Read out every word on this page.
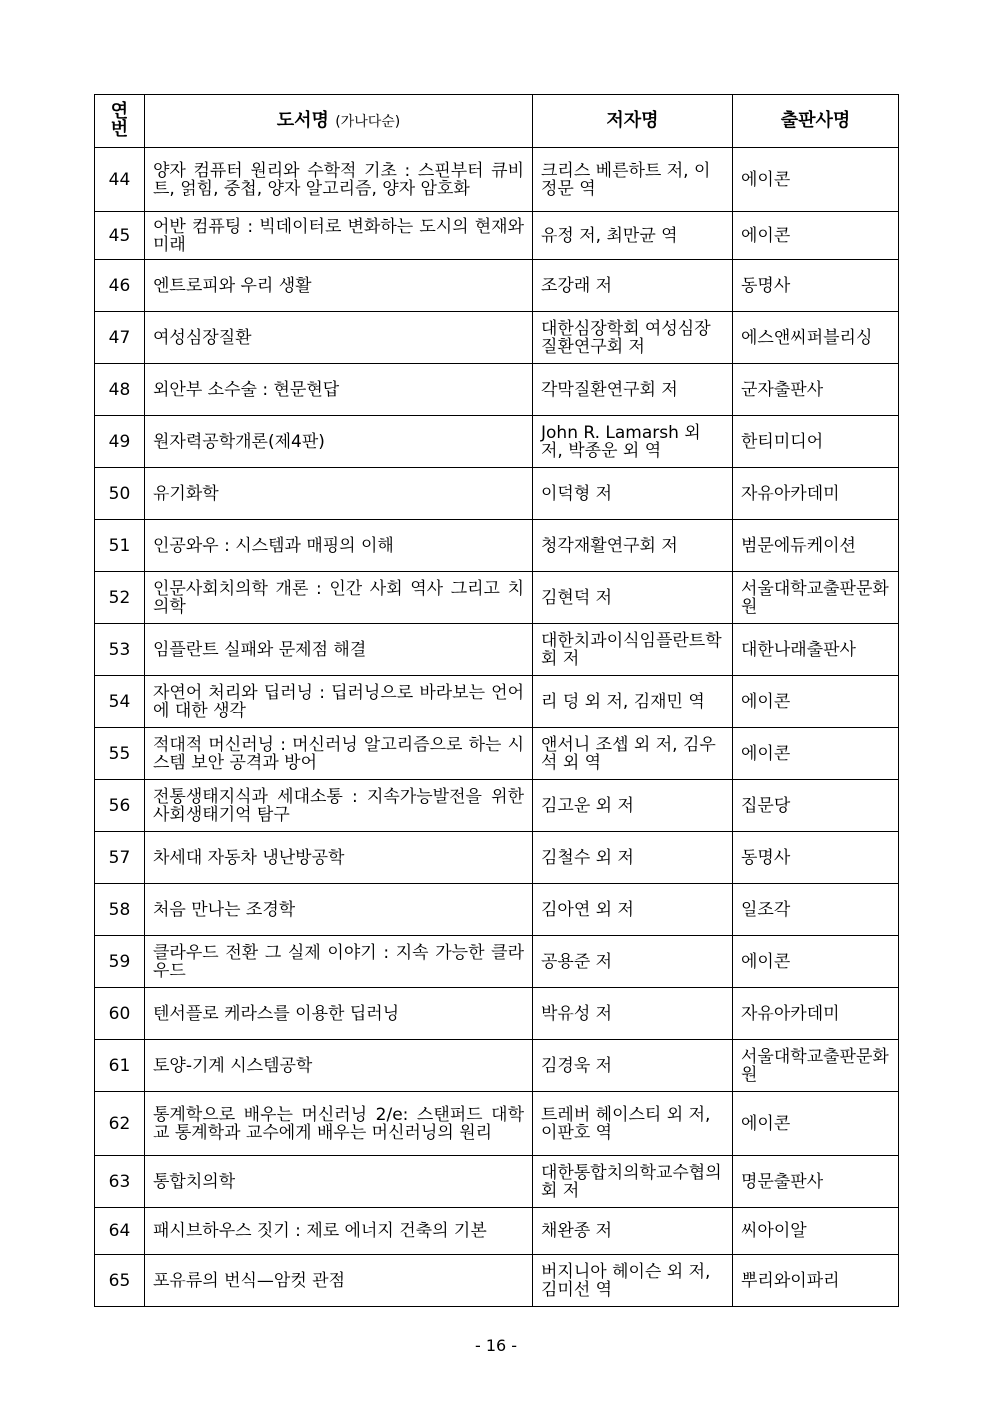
연번	도서명 (가나다순)	저자명	출판사명
44	양자 컴퓨터 원리와 수학적 기초 : 스핀부터 큐비트, 얽힘, 중첩, 양자 알고리즘, 양자 암호화	크리스 베른하트 저, 이정문 역	에이콘
45	어반 컴퓨팅 : 빅데이터로 변화하는 도시의 현재와 미래	유정 저, 최만균 역	에이콘
46	엔트로피와 우리 생활	조강래 저	동명사
47	여성심장질환	대한심장학회 여성심장질환연구회 저	에스앤씨퍼블리싱
48	외안부 소수술 : 현문현답	각막질환연구회 저	군자출판사
49	원자력공학개론(제4판)	John R. Lamarsh 외 저, 박종운 외 역	한티미디어
50	유기화학	이덕형 저	자유아카데미
51	인공와우 : 시스템과 매핑의 이해	청각재활연구회 저	범문에듀케이션
52	인문사회치의학 개론 : 인간 사회 역사 그리고 치의학	김현덕 저	서울대학교출판문화원
53	임플란트 실패와 문제점 해결	대한치과이식임플란트학회 저	대한나래출판사
54	자연어 처리와 딥러닝 : 딥러닝으로 바라보는 언어에 대한 생각	리 덩 외 저, 김재민 역	에이콘
55	적대적 머신러닝 : 머신러닝 알고리즘으로 하는 시스템 보안 공격과 방어	앤서니 조셉 외 저, 김우석 외 역	에이콘
56	전통생태지식과 세대소통 : 지속가능발전을 위한 사회생태기억 탐구	김고운 외 저	집문당
57	차세대 자동차 냉난방공학	김철수 외 저	동명사
58	처음 만나는 조경학	김아연 외 저	일조각
59	클라우드 전환 그 실제 이야기 : 지속 가능한 클라우드	공용준 저	에이콘
60	텐서플로 케라스를 이용한 딥러닝	박유성 저	자유아카데미
61	토양-기계 시스템공학	김경욱 저	서울대학교출판문화원
62	통계학으로 배우는 머신러닝 2/e: 스탠퍼드 대학교 통계학과 교수에게 배우는 머신러닝의 원리	트레버 헤이스티 외 저, 이판호 역	에이콘
63	통합치의학	대한통합치의학교수협의회 저	명문출판사
64	패시브하우스 짓기 : 제로 에너지 건축의 기본	채완종 저	씨아이알
65	포유류의 번식—암컷 관점	버지니아 헤이슨 외 저, 김미선 역	뿌리와이파리
- 16 -
